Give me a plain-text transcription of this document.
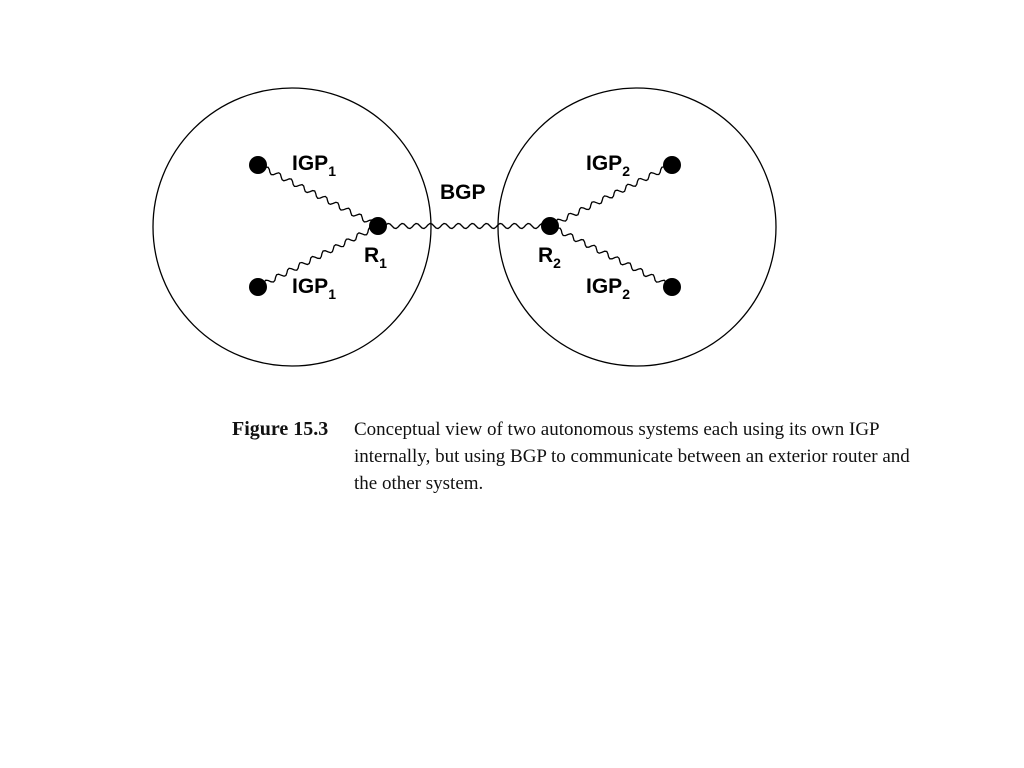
$IGP_1$
$IGP_1$
$R_1$
BGP
$R_2$
$IGP_2$
$IGP_2$
Figure 15.3 Conceptual view of two autonomous systems each using its own IGP internally, but using BGP to communicate between an exterior router and the other system.
